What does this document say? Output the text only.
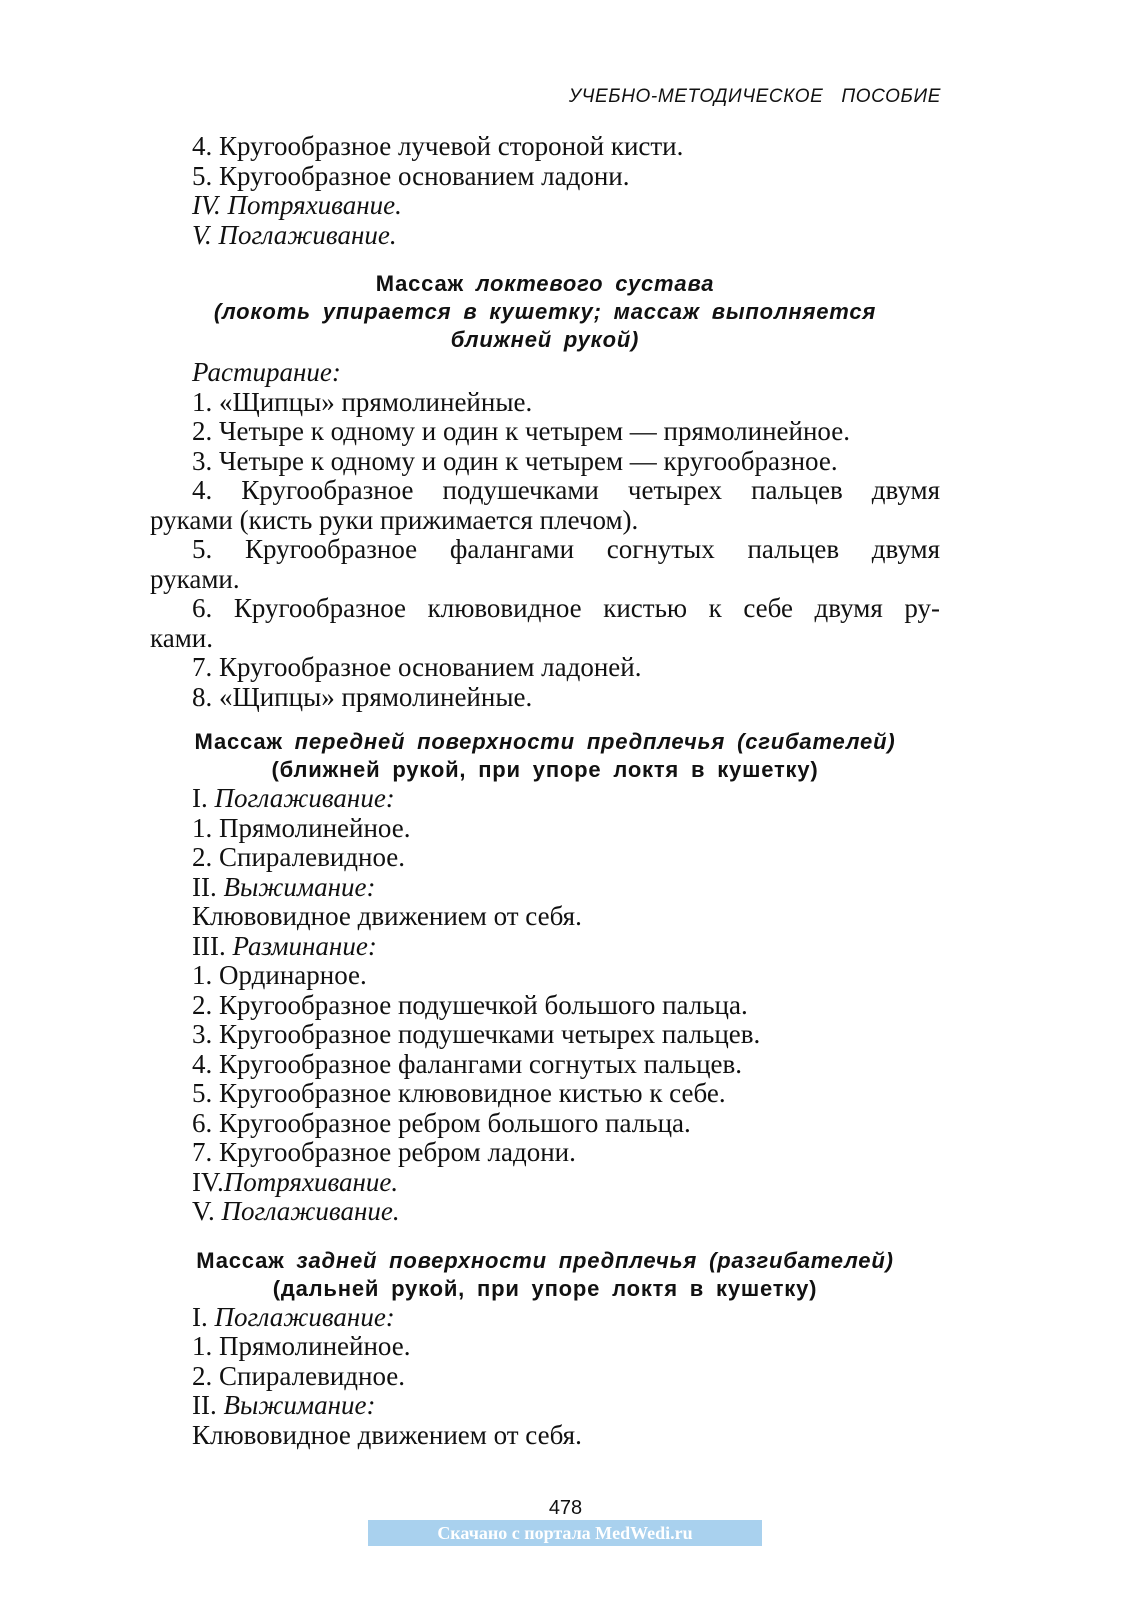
УЧЕБНО-МЕТОДИЧЕСКОЕ ПОСОБИЕ
4. Кругообразное лучевой стороной кисти.
5. Кругообразное основанием ладони.
IV. Потряхивание.
V. Поглаживание.
Массаж локтевого сустава
(локоть упирается в кушетку; массаж выполняется
ближней рукой)
Растирание:
1. «Щипцы» прямолинейные.
2. Четыре к одному и один к четырем — прямолинейное.
3. Четыре к одному и один к четырем — кругообразное.
4. Кругообразное подушечками четырех пальцев двумя
руками (кисть руки прижимается плечом).
5. Кругообразное фалангами согнутых пальцев двумя
руками.
6. Кругообразное клювовидное кистью к себе двумя ру-
ками.
7. Кругообразное основанием ладоней.
8. «Щипцы» прямолинейные.
Массаж передней поверхности предплечья (сгибателей)
(ближней рукой, при упоре локтя в кушетку)
I. Поглаживание:
1. Прямолинейное.
2. Спиралевидное.
II. Выжимание:
Клювовидное движением от себя.
III. Разминание:
1. Ординарное.
2. Кругообразное подушечкой большого пальца.
3. Кругообразное подушечками четырех пальцев.
4. Кругообразное фалангами согнутых пальцев.
5. Кругообразное клювовидное кистью к себе.
6. Кругообразное ребром большого пальца.
7. Кругообразное ребром ладони.
IV.Потряхивание.
V. Поглаживание.
Массаж задней поверхности предплечья (разгибателей)
(дальней рукой, при упоре локтя в кушетку)
I. Поглаживание:
1. Прямолинейное.
2. Спиралевидное.
II. Выжимание:
Клювовидное движением от себя.
478
Скачано с портала MedWedi.ru
